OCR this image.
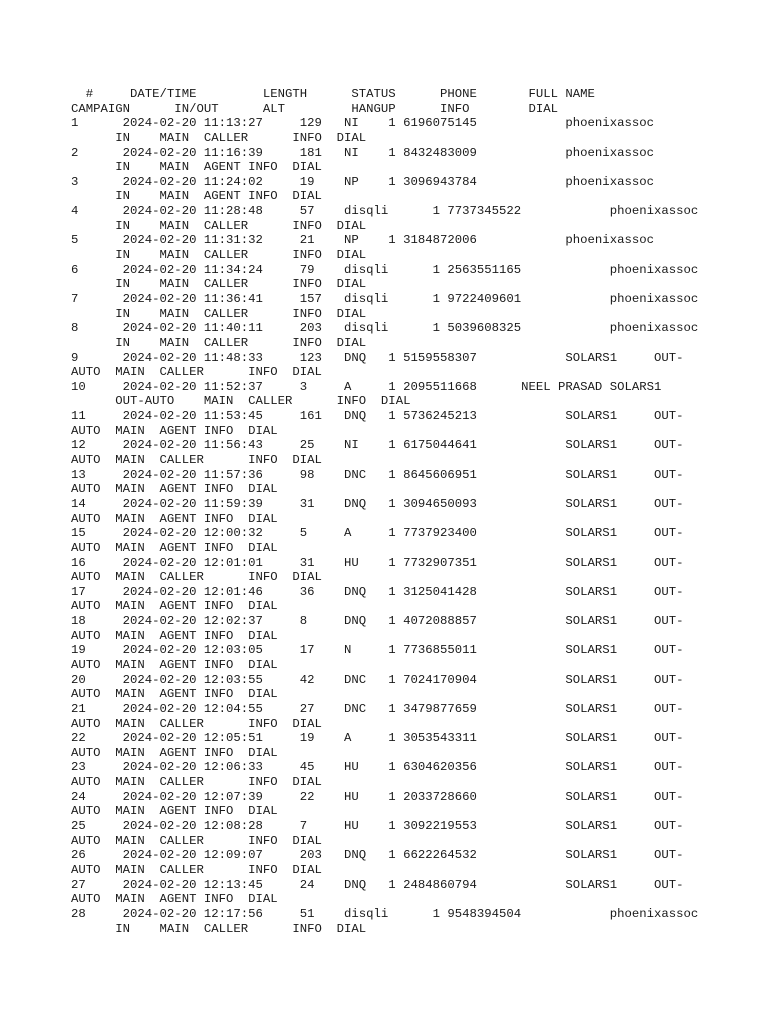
#     DATE/TIME         LENGTH      STATUS      PHONE       FULL NAME
CAMPAIGN      IN/OUT      ALT         HANGUP      INFO        DIAL
1      2024-02-20 11:13:27     129   NI    1 6196075145            phoenixassoc
IN    MAIN  CALLER      INFO  DIAL
2      2024-02-20 11:16:39     181   NI    1 8432483009            phoenixassoc
IN    MAIN  AGENT INFO  DIAL
3      2024-02-20 11:24:02     19    NP    1 3096943784            phoenixassoc
IN    MAIN  AGENT INFO  DIAL
4      2024-02-20 11:28:48     57    disqli      1 7737345522            phoenixassoc
IN    MAIN  CALLER      INFO  DIAL
5      2024-02-20 11:31:32     21    NP    1 3184872006            phoenixassoc
IN    MAIN  CALLER      INFO  DIAL
6      2024-02-20 11:34:24     79    disqli      1 2563551165            phoenixassoc
IN    MAIN  CALLER      INFO  DIAL
7      2024-02-20 11:36:41     157   disqli      1 9722409601            phoenixassoc
IN    MAIN  CALLER      INFO  DIAL
8      2024-02-20 11:40:11     203   disqli      1 5039608325            phoenixassoc
IN    MAIN  CALLER      INFO  DIAL
9      2024-02-20 11:48:33     123   DNQ   1 5159558307            SOLARS1     OUT-
AUTO  MAIN  CALLER      INFO  DIAL
10     2024-02-20 11:52:37     3     A     1 2095511668      NEEL PRASAD SOLARS1
OUT-AUTO    MAIN  CALLER      INFO  DIAL
11     2024-02-20 11:53:45     161   DNQ   1 5736245213            SOLARS1     OUT-
AUTO  MAIN  AGENT INFO  DIAL
12     2024-02-20 11:56:43     25    NI    1 6175044641            SOLARS1     OUT-
AUTO  MAIN  CALLER      INFO  DIAL
13     2024-02-20 11:57:36     98    DNC   1 8645606951            SOLARS1     OUT-
AUTO  MAIN  AGENT INFO  DIAL
14     2024-02-20 11:59:39     31    DNQ   1 3094650093            SOLARS1     OUT-
AUTO  MAIN  AGENT INFO  DIAL
15     2024-02-20 12:00:32     5     A     1 7737923400            SOLARS1     OUT-
AUTO  MAIN  AGENT INFO  DIAL
16     2024-02-20 12:01:01     31    HU    1 7732907351            SOLARS1     OUT-
AUTO  MAIN  CALLER      INFO  DIAL
17     2024-02-20 12:01:46     36    DNQ   1 3125041428            SOLARS1     OUT-
AUTO  MAIN  AGENT INFO  DIAL
18     2024-02-20 12:02:37     8     DNQ   1 4072088857            SOLARS1     OUT-
AUTO  MAIN  AGENT INFO  DIAL
19     2024-02-20 12:03:05     17    N     1 7736855011            SOLARS1     OUT-
AUTO  MAIN  AGENT INFO  DIAL
20     2024-02-20 12:03:55     42    DNC   1 7024170904            SOLARS1     OUT-
AUTO  MAIN  AGENT INFO  DIAL
21     2024-02-20 12:04:55     27    DNC   1 3479877659            SOLARS1     OUT-
AUTO  MAIN  CALLER      INFO  DIAL
22     2024-02-20 12:05:51     19    A     1 3053543311            SOLARS1     OUT-
AUTO  MAIN  AGENT INFO  DIAL
23     2024-02-20 12:06:33     45    HU    1 6304620356            SOLARS1     OUT-
AUTO  MAIN  CALLER      INFO  DIAL
24     2024-02-20 12:07:39     22    HU    1 2033728660            SOLARS1     OUT-
AUTO  MAIN  AGENT INFO  DIAL
25     2024-02-20 12:08:28     7     HU    1 3092219553            SOLARS1     OUT-
AUTO  MAIN  CALLER      INFO  DIAL
26     2024-02-20 12:09:07     203   DNQ   1 6622264532            SOLARS1     OUT-
AUTO  MAIN  CALLER      INFO  DIAL
27     2024-02-20 12:13:45     24    DNQ   1 2484860794            SOLARS1     OUT-
AUTO  MAIN  AGENT INFO  DIAL
28     2024-02-20 12:17:56     51    disqli      1 9548394504            phoenixassoc
IN    MAIN  CALLER      INFO  DIAL
